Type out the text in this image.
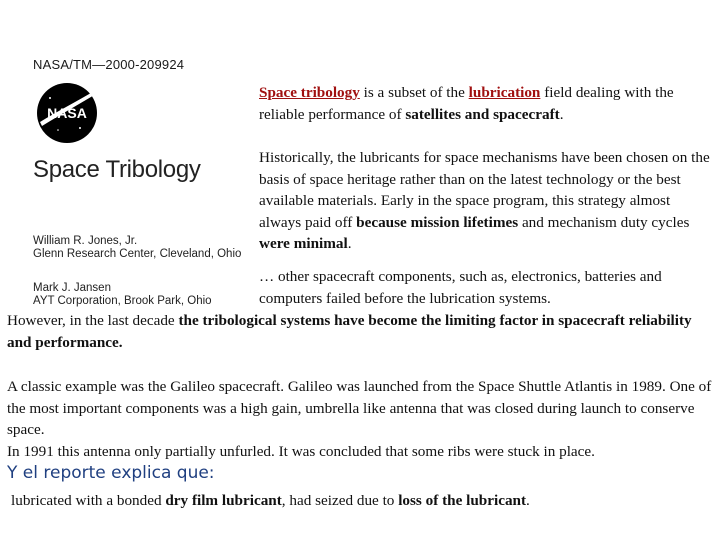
NASA/TM—2000-209924
NASA
Space Tribology
William R. Jones, Jr.
Glenn Research Center, Cleveland, Ohio
Mark J. Jansen
AYT Corporation, Brook Park, Ohio

Space tribology is a subset of the lubrication field dealing with the reliable performance of satellites and spacecraft.

Historically, the lubricants for space mechanisms have been chosen on the basis of space heritage rather than on the latest technology or the best available materials. Early in the space program, this strategy almost always paid off because mission lifetimes and mechanism duty cycles were minimal.

… other spacecraft components, such as, electronics, batteries and computers failed before the lubrication systems.

However, in the last decade the tribological systems have become the limiting factor in spacecraft reliability and performance.

A classic example was the Galileo spacecraft. Galileo was launched from the Space Shuttle Atlantis in 1989. One of the most important components was a high gain, umbrella like antenna that was closed during launch to conserve space.

In 1991 this antenna only partially unfurled. It was concluded that some ribs were stuck in place.

Y el reporte explica que:

lubricated with a bonded dry film lubricant, had seized due to loss of the lubricant.
